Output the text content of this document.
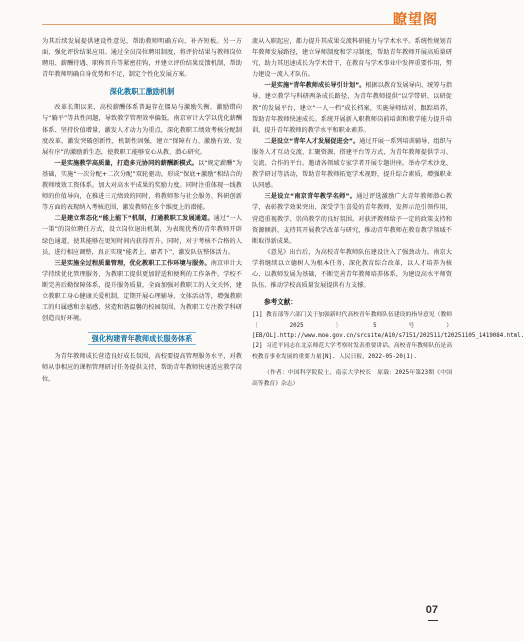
瞭望阁

为其后续发展提供建设性意见，帮助教师明确方向、补齐短板。另一方面，强化评价结果应用。通过全员岗位聘用制度，将评价结果与教师岗位聘用、薪酬待遇、职称晋升等紧密挂钩，并建立评价结果反馈机制，帮助青年教师明确自身优势和不足，制定个性化发展方案。

深化教职工激励机制

改革长期以来，高校薪酬体系普遍存在僵局与激励失衡、激励错向与“躺平”等共性问题，导致教学管理效率偏低。南京审计大学以优化薪酬体系、坚持价值增量、激发人才动力为重点，深化教职工绩效考核分配制度改革，激发突破创新性，机制性固强，建立“保障有力、激励有效、发展有序”的激励新生态，使教职工能够安心从教、潜心研究。

一是实施教学高质量，打造多元协同的薪酬新模式。以“规定薪酬”为基础，实施“一次分配+二次分配”双轮驱动，形成“保底+激励”相结合的教师绩效工资体系，加大对高水平成果的奖励力度。同时注重体现一线教师的价值导向，在推进三元绩效的同时，将教师参与社会服务、科研创新等方面的表现纳入考核范围，激发教师在多个维度上的潜能。

二是建立常态化“能上能下”机制，打通教职工发展通道。通过“一人一策”的岗位聘任方式，设立岗位退出机制，为表现优秀的青年教师开辟绿色通道，使其能够在更短时间内获得晋升。同时，对于考核不合格的人员，进行相应调整，真正实现“能者上、庸者下”，激发队伍整体活力。

三是实施全过程质量管理，优化教职工工作环境与服务。南京审计大学持续优化管理服务，为教职工提供更加舒适和便利的工作条件。学校不断完善后勤保障体系，提升服务质量，全面加强对教职工的人文关怀，建立教职工身心健康关爱机制，定期开展心理辅导、文体活动等，增强教职工的归属感和幸福感，营造和谐温馨的校园氛围，为教职工专注教学科研创造良好环境。

强化构建青年教师成长服务体系

为青年教师成长营造良好成长氛围，高校要提高管理服务水平，对教师从事相应的课程管理研讨任务提供支持，帮助青年教师快速适应教学岗位。

流从入职起应，都力提升其成果交流科研能力与学术水平。系统性规划青年教师发展路径，建立导师制度和学习制度，帮助青年教师开展高质量研究，助力其迅速成长为学术骨干，在教育与学术事业中发挥重要作用，努力建设一流人才队伍。

一是实施“青年教师成长导引计划”。根据以教育发展导向、统筹与指导、建立教学与科研两条成长路径，为青年教师提供“以学带研、以研促教”的发展平台，建立“一人一档”成长档案，实施导师结对、跟踪培养，帮助青年教师快速成长。系统开展新入职教师岗前培训和教学能力提升培训，提升青年教师的教学水平和职业素养。

二是设立“青年人才发展促进会”。通过开展一系列培训辅导、组织与服务人才互动交流、汇聚资源、搭建平台等方式，为青年教师提供学习、交流、合作的平台。邀请各领域专家学者开展专题讲座，举办学术沙龙、教学研讨等活动，帮助青年教师拓宽学术视野，提升综合素质，增强职业认同感。

三是设立“南京青年教学名师”。通过评选激励广大青年教师潜心教学，表彰教学效果突出、深受学生喜爱的青年教师，发挥示范引领作用，营造重视教学、崇尚教学的良好氛围。对获评教师给予一定的政策支持和资源倾斜，支持其开展教学改革与研究，推动青年教师在教育教学领域不断取得新成果。

《意见》出台后，为高校青年教师队伍建设注入了强劲动力。南京大学将继续以立德树人为根本任务，深化教育综合改革，以人才培养为核心，以教师发展为基础，不断完善青年教师培养体系，为建设高水平师资队伍、推动学校高质量发展提供有力支撑。

参考文献：

[1] 教育部等六部门关于加强新时代高校青年教师队伍建设的指导意见（教师〔2025〕5号）[EB/OL].http://www.moe.gov.cn/srcsite/A10/s7151/202511/t20251105_1419084.html.

[2] 习近平同志在北京师范大学考察时发表重要讲话。高校青年教师队伍是高校教育事业发展的重要力量[N]. 人民日报，2022-05-20(1).

（作者：中国科学院院士、南京大学校长　原载：2025年第23期《中国高等教育》杂志）

07
